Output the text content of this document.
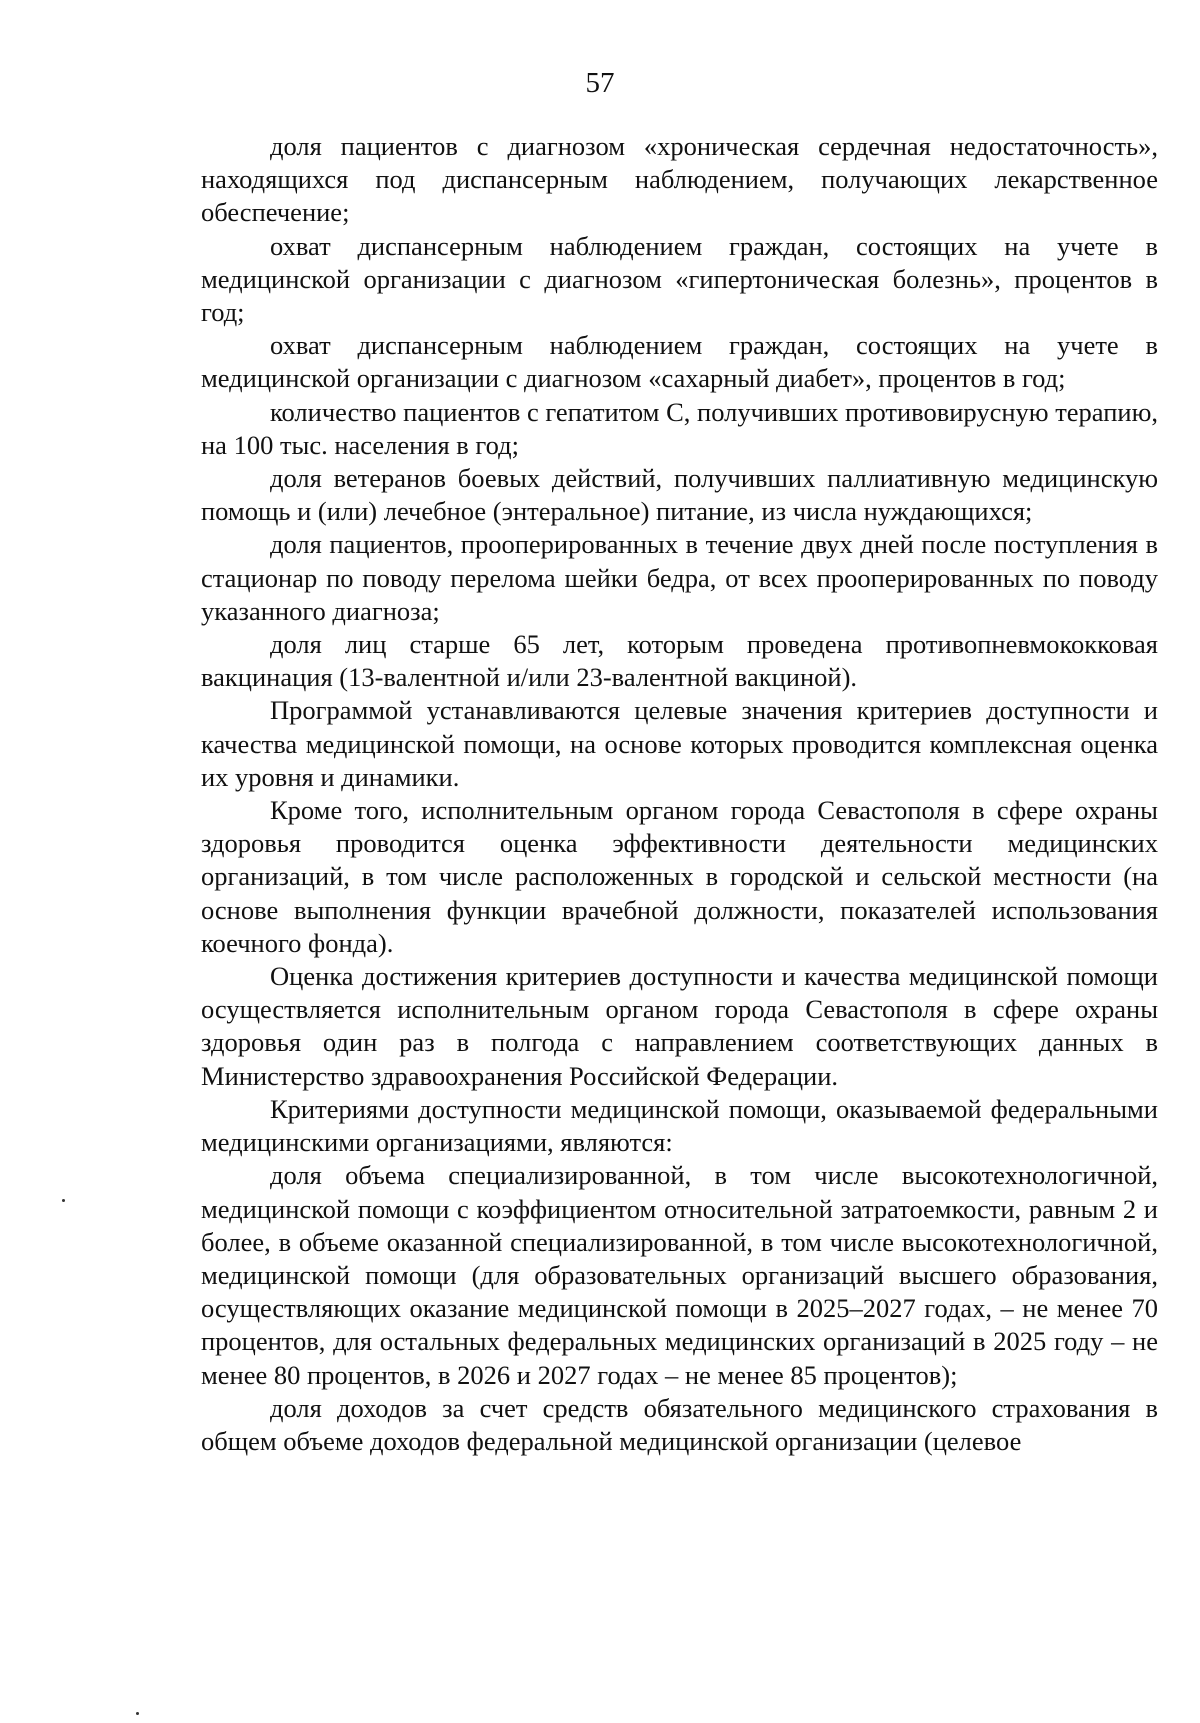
57

доля пациентов с диагнозом «хроническая сердечная недостаточность», находящихся под диспансерным наблюдением, получающих лекарственное обеспечение;

охват диспансерным наблюдением граждан, состоящих на учете в медицинской организации с диагнозом «гипертоническая болезнь», процентов в год;

охват диспансерным наблюдением граждан, состоящих на учете в медицинской организации с диагнозом «сахарный диабет», процентов в год;

количество пациентов с гепатитом C, получивших противовирусную терапию, на 100 тыс. населения в год;

доля ветеранов боевых действий, получивших паллиативную медицинскую помощь и (или) лечебное (энтеральное) питание, из числа нуждающихся;

доля пациентов, прооперированных в течение двух дней после поступления в стационар по поводу перелома шейки бедра, от всех прооперированных по поводу указанного диагноза;

доля лиц старше 65 лет, которым проведена противопневмококковая вакцинация (13-валентной и/или 23-валентной вакциной).

Программой устанавливаются целевые значения критериев доступности и качества медицинской помощи, на основе которых проводится комплексная оценка их уровня и динамики.

Кроме того, исполнительным органом города Севастополя в сфере охраны здоровья проводится оценка эффективности деятельности медицинских организаций, в том числе расположенных в городской и сельской местности (на основе выполнения функции врачебной должности, показателей использования коечного фонда).

Оценка достижения критериев доступности и качества медицинской помощи осуществляется исполнительным органом города Севастополя в сфере охраны здоровья один раз в полгода с направлением соответствующих данных в Министерство здравоохранения Российской Федерации.

Критериями доступности медицинской помощи, оказываемой федеральными медицинскими организациями, являются:

доля объема специализированной, в том числе высокотехнологичной, медицинской помощи с коэффициентом относительной затратоемкости, равным 2 и более, в объеме оказанной специализированной, в том числе высокотехнологичной, медицинской помощи (для образовательных организаций высшего образования, осуществляющих оказание медицинской помощи в 2025–2027 годах, – не менее 70 процентов, для остальных федеральных медицинских организаций в 2025 году – не менее 80 процентов, в 2026 и 2027 годах – не менее 85 процентов);

доля доходов за счет средств обязательного медицинского страхования в общем объеме доходов федеральной медицинской организации (целевое
